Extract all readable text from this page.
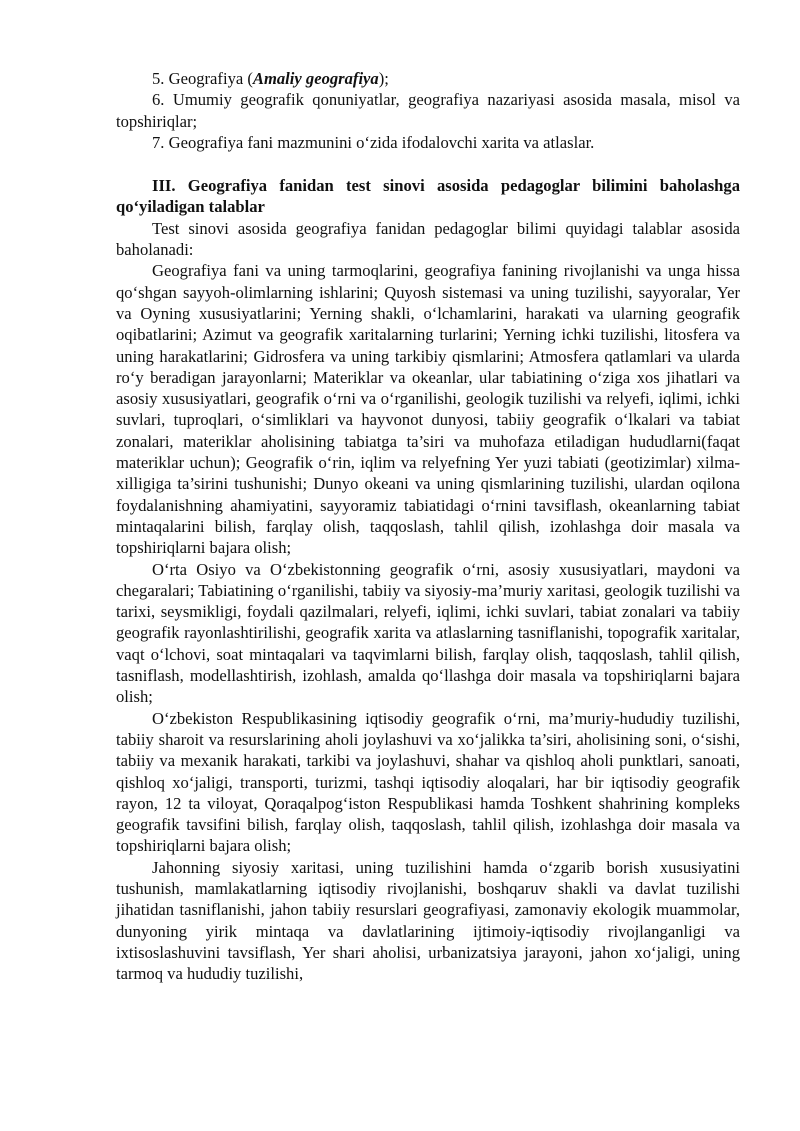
5. Geografiya (Amaliy geografiya);

6. Umumiy geografik qonuniyatlar, geografiya nazariyasi asosida masala, misol va topshiriqlar;

7. Geografiya fani mazmunini o‘zida ifodalovchi xarita va atlaslar.

III. Geografiya fanidan test sinovi asosida pedagoglar bilimini baholashga qo‘yiladigan talablar

Test sinovi asosida geografiya fanidan pedagoglar bilimi quyidagi talablar asosida baholanadi:

Geografiya fani va uning tarmoqlarini, geografiya fanining rivojlanishi va unga hissa qo‘shgan sayyoh-olimlarning ishlarini; Quyosh sistemasi va uning tuzilishi, sayyoralar, Yer va Oyning xususiyatlarini; Yerning shakli, o‘lchamlarini, harakati va ularning geografik oqibatlarini; Azimut va geografik xaritalarning turlarini; Yerning ichki tuzilishi, litosfera va uning harakatlarini; Gidrosfera va uning tarkibiy qismlarini; Atmosfera qatlamlari va ularda ro‘y beradigan jarayonlarni; Materiklar va okeanlar, ular tabiatining o‘ziga xos jihatlari va asosiy xususiyatlari, geografik o‘rni va o‘rganilishi, geologik tuzilishi va relyefi, iqlimi, ichki suvlari, tuproqlari, o‘simliklari va hayvonot dunyosi, tabiiy geografik o‘lkalari va tabiat zonalari, materiklar aholisining tabiatga ta’siri va muhofaza etiladigan hududlarni(faqat materiklar uchun); Geografik o‘rin, iqlim va relyefning Yer yuzi tabiati (geotizimlar) xilma-xilligiga ta’sirini tushunishi; Dunyo okeani va uning qismlarining tuzilishi, ulardan oqilona foydalanishning ahamiyatini, sayyoramiz tabiatidagi o‘rnini tavsiflash, okeanlarning tabiat mintaqalarini bilish, farqlay olish, taqqoslash, tahlil qilish, izohlashga doir masala va topshiriqlarni bajara olish;

O‘rta Osiyo va O‘zbekistonning geografik o‘rni, asosiy xususiyatlari, maydoni va chegaralari; Tabiatining o‘rganilishi, tabiiy va siyosiy-ma’muriy xaritasi, geologik tuzilishi va tarixi, seysmikligi, foydali qazilmalari, relyefi, iqlimi, ichki suvlari, tabiat zonalari va tabiiy geografik rayonlashtirilishi, geografik xarita va atlaslarning tasniflanishi, topografik xaritalar, vaqt o‘lchovi, soat mintaqalari va taqvimlarni bilish, farqlay olish, taqqoslash, tahlil qilish, tasniflash, modellashtirish, izohlash, amalda qo‘llashga doir masala va topshiriqlarni bajara olish;

O‘zbekiston Respublikasining iqtisodiy geografik o‘rni, ma’muriy-hududiy tuzilishi, tabiiy sharoit va resurslarining aholi joylashuvi va xo‘jalikka ta’siri, aholisining soni, o‘sishi, tabiiy va mexanik harakati, tarkibi va joylashuvi, shahar va qishloq aholi punktlari, sanoati, qishloq xo‘jaligi, transporti, turizmi, tashqi iqtisodiy aloqalari, har bir iqtisodiy geografik rayon, 12 ta viloyat, Qoraqalpog‘iston Respublikasi hamda Toshkent shahrining kompleks geografik tavsifini bilish, farqlay olish, taqqoslash, tahlil qilish, izohlashga doir masala va topshiriqlarni bajara olish;

Jahonning siyosiy xaritasi, uning tuzilishini hamda o‘zgarib borish xususiyatini tushunish, mamlakatlarning iqtisodiy rivojlanishi, boshqaruv shakli va davlat tuzilishi jihatidan tasniflanishi, jahon tabiiy resurslari geografiyasi, zamonaviy ekologik muammolar, dunyoning yirik mintaqa va davlatlarining ijtimoiy-iqtisodiy rivojlanganligi va ixtisoslashuvini tavsiflash, Yer shari aholisi, urbanizatsiya jarayoni, jahon xo‘jaligi, uning tarmoq va hududiy tuzilishi,
